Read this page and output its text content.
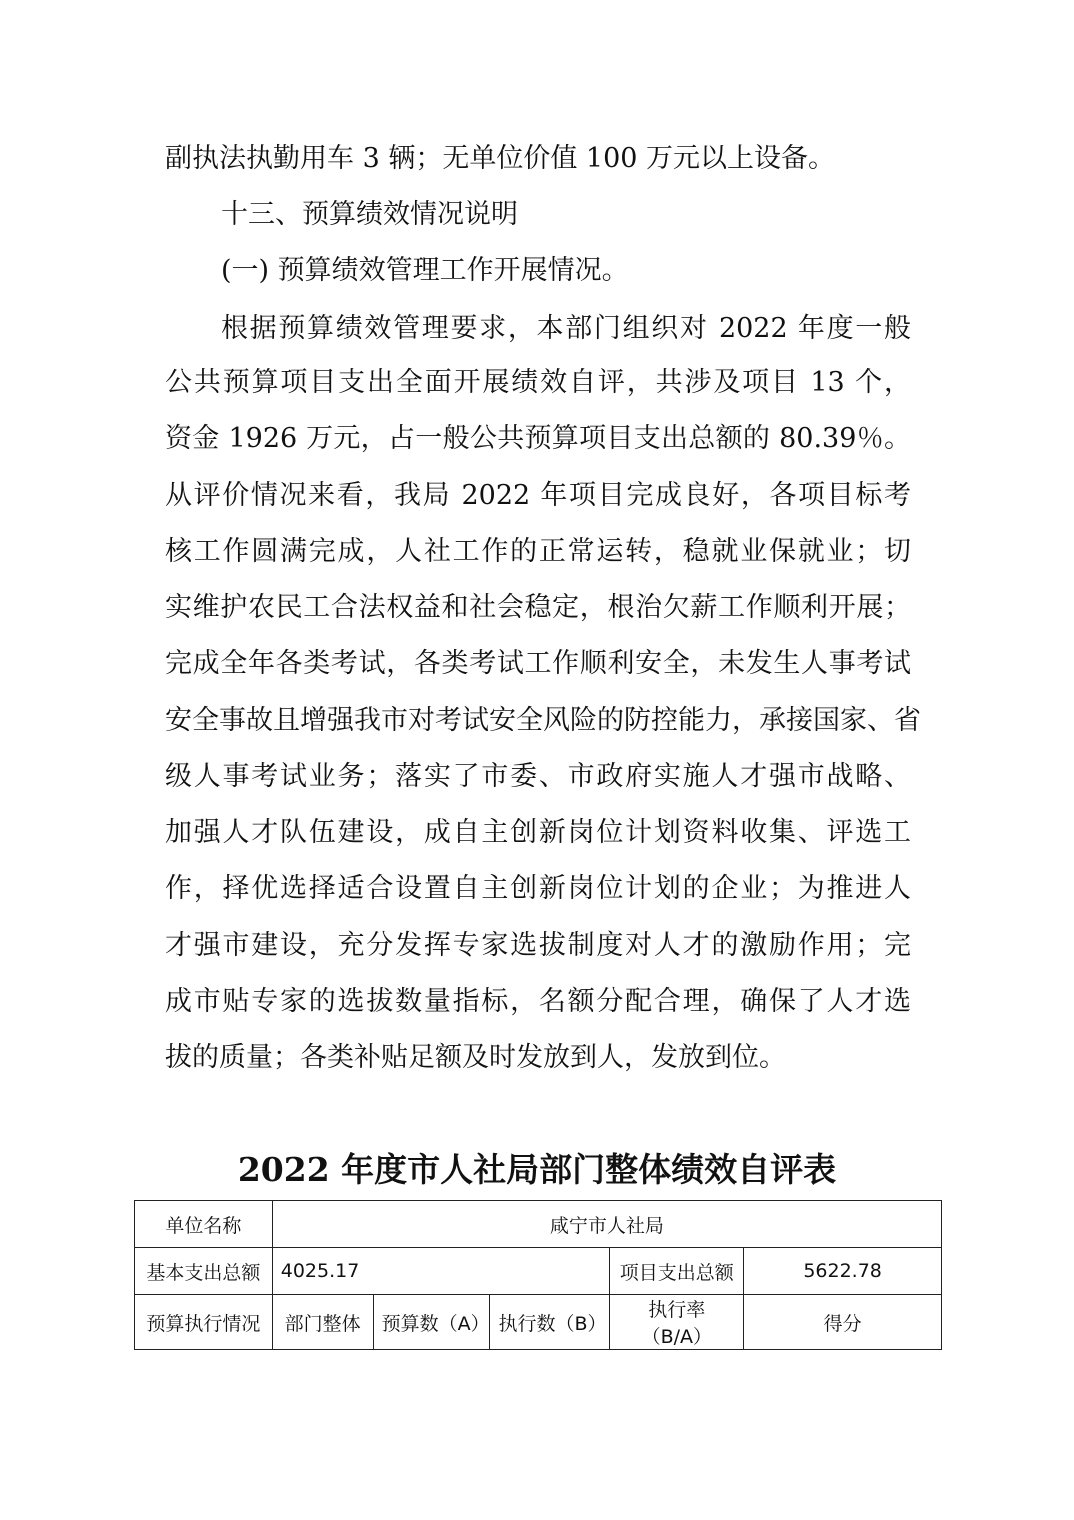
副执法执勤用车 3 辆；无单位价值 100 万元以上设备。
十三、预算绩效情况说明
(一) 预算绩效管理工作开展情况。
根据预算绩效管理要求，本部门组织对 2022 年度一般
公共预算项目支出全面开展绩效自评，共涉及项目 13 个，
资金 1926 万元，占一般公共预算项目支出总额的 80.39％。
从评价情况来看，我局 2022 年项目完成良好，各项目标考
核工作圆满完成，人社工作的正常运转，稳就业保就业；切
实维护农民工合法权益和社会稳定，根治欠薪工作顺利开展；
完成全年各类考试，各类考试工作顺利安全，未发生人事考试
安全事故且增强我市对考试安全风险的防控能力，承接国家、省
级人事考试业务；落实了市委、市政府实施人才强市战略、
加强人才队伍建设，成自主创新岗位计划资料收集、评选工
作，择优选择适合设置自主创新岗位计划的企业；为推进人
才强市建设，充分发挥专家选拔制度对人才的激励作用；完
成市贴专家的选拔数量指标，名额分配合理，确保了人才选
拔的质量；各类补贴足额及时发放到人，发放到位。
2022 年度市人社局部门整体绩效自评表
单位名称	咸宁市人社局				
基本支出总额	4025.17			项目支出总额	5622.78
预算执行情况	部门整体	预算数（A）	执行数（B）	执行率（B/A）	得分
